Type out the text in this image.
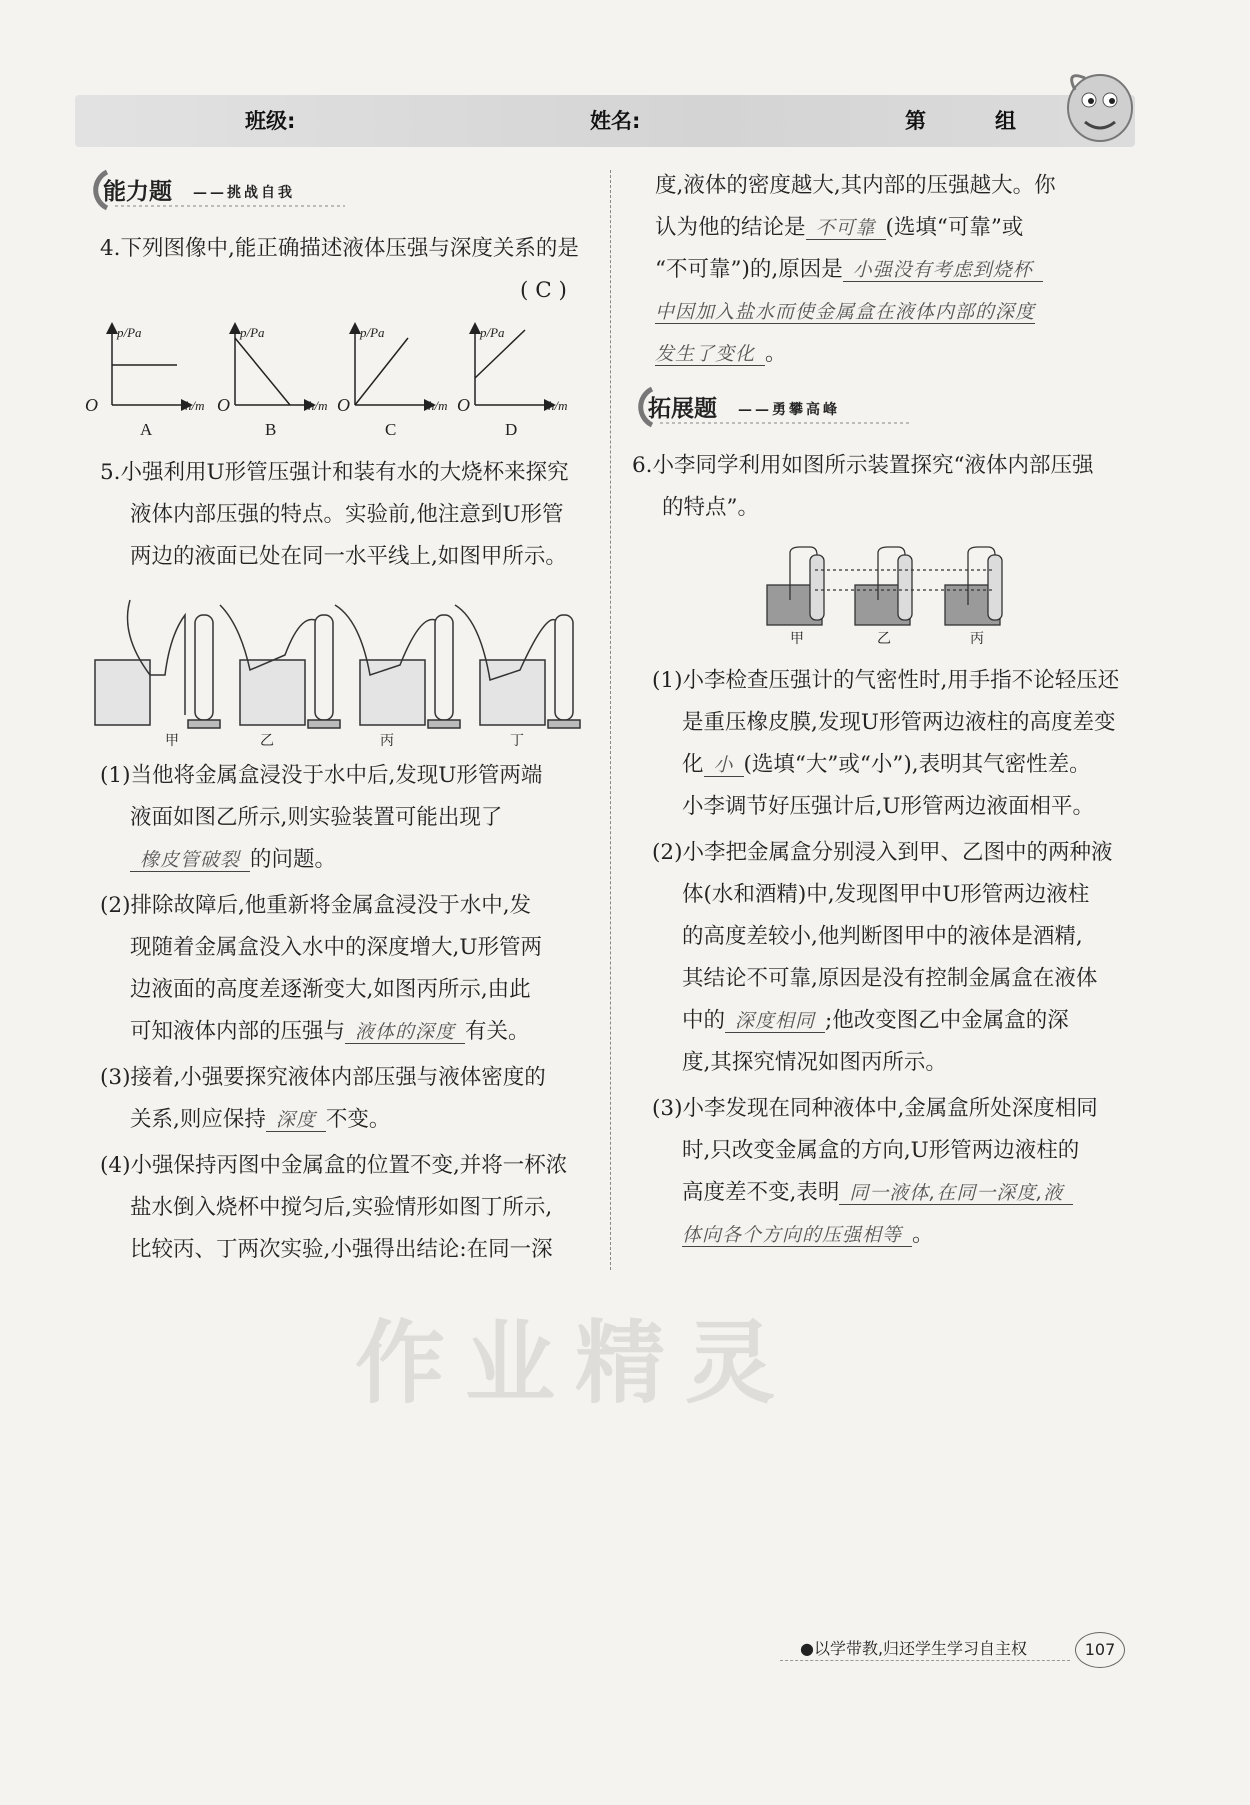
班级:	姓名:	第	组
能力题 ——挑战自我

4.下列图像中,能正确描述液体压强与深度关系的是

( C )
p/Pa
O	h/m
A
p/Pa
O	h/m
B
p/Pa
O	h/m
C
p/Pa
O	h/m
D

5.小强利用U形管压强计和装有水的大烧杯来探究

液体内部压强的特点。实验前,他注意到U形管

两边的液面已处在同一水平线上,如图甲所示。

甲	乙	丙	丁

(1)当他将金属盒浸没于水中后,发现U形管两端

液面如图乙所示,则实验装置可能出现了

橡皮管破裂 的问题。

(2)排除故障后,他重新将金属盒浸没于水中,发

现随着金属盒没入水中的深度增大,U形管两

边液面的高度差逐渐变大,如图丙所示,由此

可知液体内部的压强与 液体的深度 有关。

(3)接着,小强要探究液体内部压强与液体密度的

关系,则应保持 深度 不变。

(4)小强保持丙图中金属盒的位置不变,并将一杯浓

盐水倒入烧杯中搅匀后,实验情形如图丁所示,

比较丙、丁两次实验,小强得出结论:在同一深

度,液体的密度越大,其内部的压强越大。你

认为他的结论是 不可靠 (选填“可靠”或

“不可靠”)的,原因是 小强没有考虑到烧杯

中因加入盐水而使金属盒在液体内部的深度

发生了变化 。

拓展题 ——勇攀高峰

6.小李同学利用如图所示装置探究“液体内部压强

的特点”。

甲	乙	丙

(1)小李检查压强计的气密性时,用手指不论轻压还

是重压橡皮膜,发现U形管两边液柱的高度差变

化 小 (选填“大”或“小”),表明其气密性差。

小李调节好压强计后,U形管两边液面相平。

(2)小李把金属盒分别浸入到甲、乙图中的两种液

体(水和酒精)中,发现图甲中U形管两边液柱

的高度差较小,他判断图甲中的液体是酒精,

其结论不可靠,原因是没有控制金属盒在液体

中的 深度相同 ;他改变图乙中金属盒的深

度,其探究情况如图丙所示。

(3)小李发现在同种液体中,金属盒所处深度相同

时,只改变金属盒的方向,U形管两边液柱的

高度差不变,表明 同一液体,在同一深度,液

体向各个方向的压强相等 。

作业精灵
●以学带教,归还学生学习自主权	107
